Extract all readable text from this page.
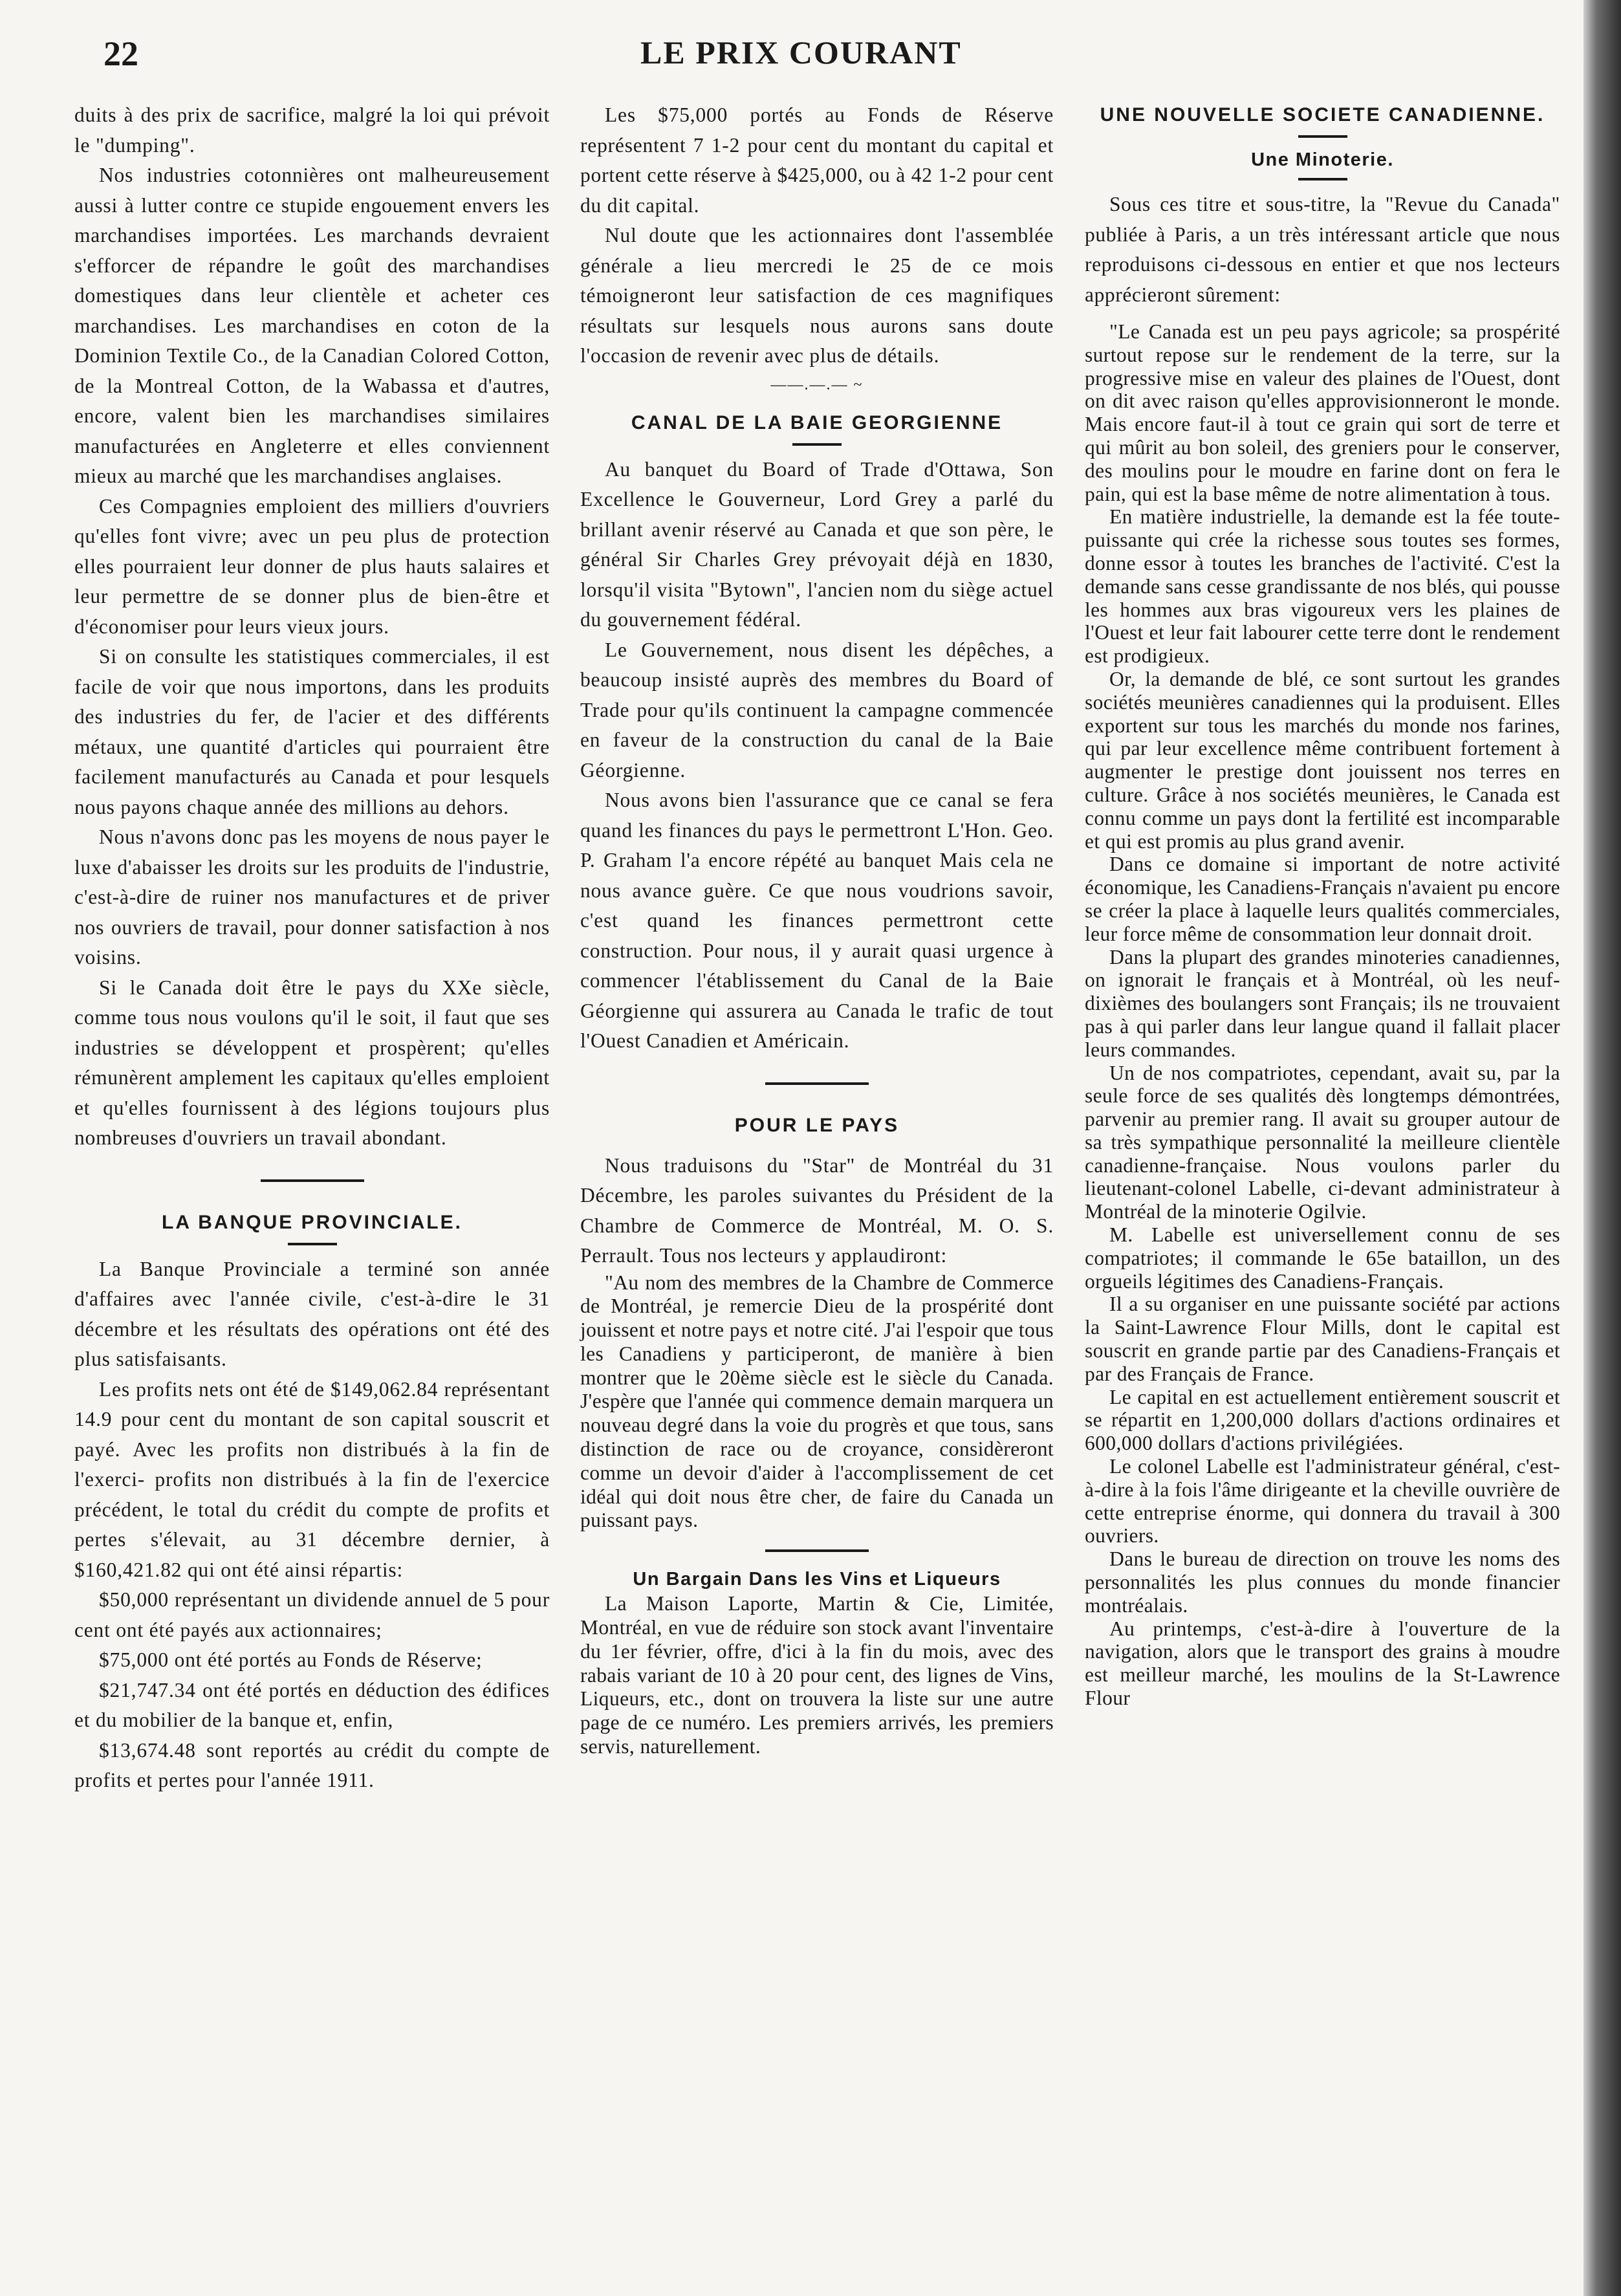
22	LE PRIX COURANT

duits à des prix de sacrifice, malgré la loi qui prévoit le "dumping".

Nos industries cotonnières ont malheureusement aussi à lutter contre ce stupide engouement envers les marchandises importées. Les marchands devraient s'efforcer de répandre le goût des marchandises domestiques dans leur clientèle et acheter ces marchandises. Les marchandises en coton de la Dominion Textile Co., de la Canadian Colored Cotton, de la Montreal Cotton, de la Wabassa et d'autres, encore, valent bien les marchandises similaires manufacturées en Angleterre et elles conviennent mieux au marché que les marchandises anglaises.

Ces Compagnies emploient des milliers d'ouvriers qu'elles font vivre; avec un peu plus de protection elles pourraient leur donner de plus hauts salaires et leur permettre de se donner plus de bien-être et d'économiser pour leurs vieux jours.

Si on consulte les statistiques commerciales, il est facile de voir que nous importons, dans les produits des industries du fer, de l'acier et des différents métaux, une quantité d'articles qui pourraient être facilement manufacturés au Canada et pour lesquels nous payons chaque année des millions au dehors.

Nous n'avons donc pas les moyens de nous payer le luxe d'abaisser les droits sur les produits de l'industrie, c'est-à-dire de ruiner nos manufactures et de priver nos ouvriers de travail, pour donner satisfaction à nos voisins.

Si le Canada doit être le pays du XXe siècle, comme tous nous voulons qu'il le soit, il faut que ses industries se développent et prospèrent; qu'elles rémunèrent amplement les capitaux qu'elles emploient et qu'elles fournissent à des légions toujours plus nombreuses d'ouvriers un travail abondant.

LA BANQUE PROVINCIALE.

La Banque Provinciale a terminé son année d'affaires avec l'année civile, c'est-à-dire le 31 décembre et les résultats des opérations ont été des plus satisfaisants.

Les profits nets ont été de $149,062.84 représentant 14.9 pour cent du montant de son capital souscrit et payé. Avec les profits non distribués à la fin de l'exerci- profits non distribués à la fin de l'exercice précédent, le total du crédit du compte de profits et pertes s'élevait, au 31 décembre dernier, à $160,421.82 qui ont été ainsi répartis:

$50,000 représentant un dividende annuel de 5 pour cent ont été payés aux actionnaires;

$75,000 ont été portés au Fonds de Réserve;

$21,747.34 ont été portés en déduction des édifices et du mobilier de la banque et, enfin,

$13,674.48 sont reportés au crédit du compte de profits et pertes pour l'année 1911.

Les $75,000 portés au Fonds de Réserve représentent 7 1-2 pour cent du montant du capital et portent cette réserve à $425,000, ou à 42 1-2 pour cent du dit capital.

Nul doute que les actionnaires dont l'assemblée générale a lieu mercredi le 25 de ce mois témoigneront leur satisfaction de ces magnifiques résultats sur lesquels nous aurons sans doute l'occasion de revenir avec plus de détails.

——.—.— ~
CANAL DE LA BAIE GEORGIENNE

Au banquet du Board of Trade d'Ottawa, Son Excellence le Gouverneur, Lord Grey a parlé du brillant avenir réservé au Canada et que son père, le général Sir Charles Grey prévoyait déjà en 1830, lorsqu'il visita "Bytown", l'ancien nom du siège actuel du gouvernement fédéral.

Le Gouvernement, nous disent les dépêches, a beaucoup insisté auprès des membres du Board of Trade pour qu'ils continuent la campagne commencée en faveur de la construction du canal de la Baie Géorgienne.

Nous avons bien l'assurance que ce canal se fera quand les finances du pays le permettront L'Hon. Geo. P. Graham l'a encore répété au banquet Mais cela ne nous avance guère. Ce que nous voudrions savoir, c'est quand les finances permettront cette construction. Pour nous, il y aurait quasi urgence à commencer l'établissement du Canal de la Baie Géorgienne qui assurera au Canada le trafic de tout l'Ouest Canadien et Américain.

POUR LE PAYS

Nous traduisons du "Star" de Montréal du 31 Décembre, les paroles suivantes du Président de la Chambre de Commerce de Montréal, M. O. S. Perrault. Tous nos lecteurs y applaudiront:

"Au nom des membres de la Chambre de Commerce de Montréal, je remercie Dieu de la prospérité dont jouissent et notre pays et notre cité. J'ai l'espoir que tous les Canadiens y participeront, de manière à bien montrer que le 20ème siècle est le siècle du Canada. J'espère que l'année qui commence demain marquera un nouveau degré dans la voie du progrès et que tous, sans distinction de race ou de croyance, considèreront comme un devoir d'aider à l'accomplissement de cet idéal qui doit nous être cher, de faire du Canada un puissant pays.

Un Bargain Dans les Vins et Liqueurs

La Maison Laporte, Martin & Cie, Limitée, Montréal, en vue de réduire son stock avant l'inventaire du 1er février, offre, d'ici à la fin du mois, avec des rabais variant de 10 à 20 pour cent, des lignes de Vins, Liqueurs, etc., dont on trouvera la liste sur une autre page de ce numéro. Les premiers arrivés, les premiers servis, naturellement.

UNE NOUVELLE SOCIETE CANADIENNE.
Une Minoterie.

Sous ces titre et sous-titre, la "Revue du Canada" publiée à Paris, a un très intéressant article que nous reproduisons ci-dessous en entier et que nos lecteurs apprécieront sûrement:

"Le Canada est un peu pays agricole; sa prospérité surtout repose sur le rendement de la terre, sur la progressive mise en valeur des plaines de l'Ouest, dont on dit avec raison qu'elles approvisionneront le monde. Mais encore faut-il à tout ce grain qui sort de terre et qui mûrit au bon soleil, des greniers pour le conserver, des moulins pour le moudre en farine dont on fera le pain, qui est la base même de notre alimentation à tous.

En matière industrielle, la demande est la fée toute-puissante qui crée la richesse sous toutes ses formes, donne essor à toutes les branches de l'activité. C'est la demande sans cesse grandissante de nos blés, qui pousse les hommes aux bras vigoureux vers les plaines de l'Ouest et leur fait labourer cette terre dont le rendement est prodigieux.

Or, la demande de blé, ce sont surtout les grandes sociétés meunières canadiennes qui la produisent. Elles exportent sur tous les marchés du monde nos farines, qui par leur excellence même contribuent fortement à augmenter le prestige dont jouissent nos terres en culture. Grâce à nos sociétés meunières, le Canada est connu comme un pays dont la fertilité est incomparable et qui est promis au plus grand avenir.

Dans ce domaine si important de notre activité économique, les Canadiens-Français n'avaient pu encore se créer la place à laquelle leurs qualités commerciales, leur force même de consommation leur donnait droit.

Dans la plupart des grandes minoteries canadiennes, on ignorait le français et à Montréal, où les neuf-dixièmes des boulangers sont Français; ils ne trouvaient pas à qui parler dans leur langue quand il fallait placer leurs commandes.

Un de nos compatriotes, cependant, avait su, par la seule force de ses qualités dès longtemps démontrées, parvenir au premier rang. Il avait su grouper autour de sa très sympathique personnalité la meilleure clientèle canadienne-française. Nous voulons parler du lieutenant-colonel Labelle, ci-devant administrateur à Montréal de la minoterie Ogilvie.

M. Labelle est universellement connu de ses compatriotes; il commande le 65e bataillon, un des orgueils légitimes des Canadiens-Français.

Il a su organiser en une puissante société par actions la Saint-Lawrence Flour Mills, dont le capital est souscrit en grande partie par des Canadiens-Français et par des Français de France.

Le capital en est actuellement entièrement souscrit et se répartit en 1,200,000 dollars d'actions ordinaires et 600,000 dollars d'actions privilégiées.

Le colonel Labelle est l'administrateur général, c'est-à-dire à la fois l'âme dirigeante et la cheville ouvrière de cette entreprise énorme, qui donnera du travail à 300 ouvriers.

Dans le bureau de direction on trouve les noms des personnalités les plus connues du monde financier montréalais.

Au printemps, c'est-à-dire à l'ouverture de la navigation, alors que le transport des grains à moudre est meilleur marché, les moulins de la St-Lawrence Flour
